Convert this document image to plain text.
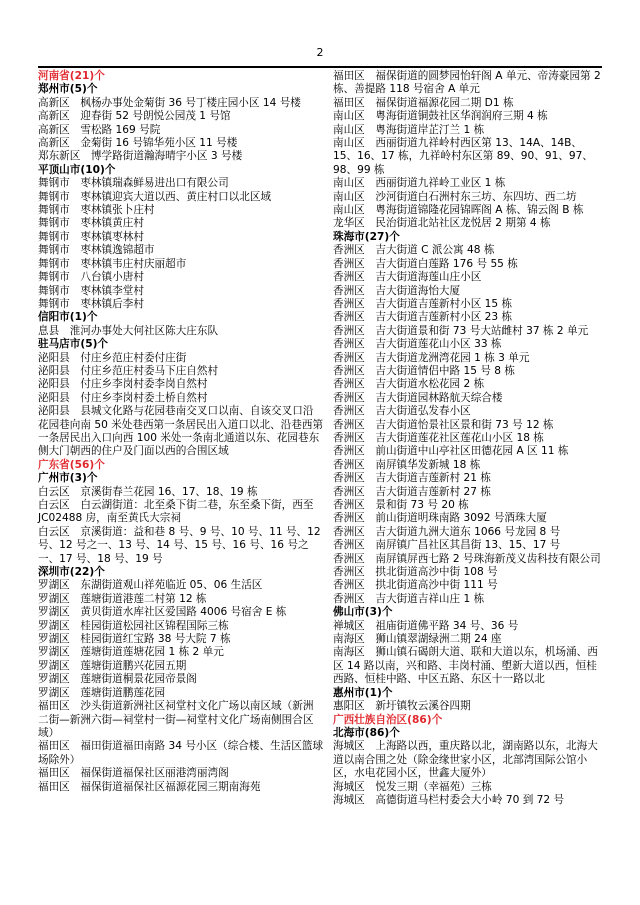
2
河南省(21)个
郑州市(5)个
高新区　枫杨办事处金菊街 36 号丁楼庄园小区 14 号楼
高新区　迎春街 52 号朗悦公园茂 1 号馆
高新区　雪松路 169 号院
高新区　金菊街 16 号锦华苑小区 11 号楼
郑东新区　博学路街道瀚海晴宇小区 3 号楼
平顶山市(10)个
舞钢市　枣林镇瑞森鲜易进出口有限公司
舞钢市　枣林镇迎宾大道以西、黄庄村口以北区域
舞钢市　枣林镇张卜庄村
舞钢市　枣林镇黄庄村
舞钢市　枣林镇枣林村
舞钢市　枣林镇逸锦超市
舞钢市　枣林镇韦庄村庆丽超市
舞钢市　八台镇小唐村
舞钢市　枣林镇李堂村
舞钢市　枣林镇后李村
信阳市(1)个
息县　淮河办事处大何社区陈大庄东队
驻马店市(5)个
泌阳县　付庄乡范庄村委付庄街
泌阳县　付庄乡范庄村委马下庄自然村
泌阳县　付庄乡李岗村委李岗自然村
泌阳县　付庄乡李岗村委土桥自然村
泌阳县　县城文化路与花园巷南交叉口以南、自该交叉口沿花园巷向南 50 米处巷西第一条居民出入道口以北、沿巷西第一条居民出入口向西 100 米处一条南北通道以东、花园巷东侧大门朝西的住户及门面以西的合围区域
广东省(56)个
广州市(3)个
白云区　京溪街春兰花园 16、17、18、19 栋
白云区　白云湖街道：北至桑下街二巷，东至桑下街，西至 JC02488 房，南至黄氏大宗祠
白云区　京溪街道：益和巷 8 号、9 号、10 号、11 号、12 号、12 号之一、13 号、14 号、15 号、16 号、16 号之一、17 号、18 号、19 号
深圳市(22)个
罗湖区　东湖街道观山祥苑临近 05、06 生活区
罗湖区　莲塘街道港莲二村第 12 栋
罗湖区　黄贝街道水库社区爱国路 4006 号宿舍 E 栋
罗湖区　桂园街道松园社区锦程国际三栋
罗湖区　桂园街道红宝路 38 号大院 7 栋
罗湖区　莲塘街道莲塘花园 1 栋 2 单元
罗湖区　莲塘街道鹏兴花园五期
罗湖区　莲塘街道桐景花园帝景阁
罗湖区　莲塘街道鹏莲花园
福田区　沙头街道新洲社区祠堂村文化广场以南区域（新洲二街—新洲六街—祠堂村一街—祠堂村文化广场南侧围合区域）
福田区　福田街道福田南路 34 号小区（综合楼、生活区篮球场除外）
福田区　福保街道福保社区丽港湾丽湾阁
福田区　福保街道福保社区福源花园三期南海苑
福田区　福保街道的圆梦园怡轩阁 A 单元、帝涛豪园第 2 栋、善提路 118 号宿舍 A 单元
福田区　福保街道福源花园二期 D1 栋
南山区　粤海街道铜鼓社区华润润府三期 4 栋
南山区　粤海街道岸芷汀兰 1 栋
南山区　西丽街道九祥岭村西区第 13、14A、14B、15、16、17 栋，九祥岭村东区第 89、90、91、97、98、99 栋
南山区　西丽街道九祥岭工业区 1 栋
南山区　沙河街道白石洲村东三坊、东四坊、西二坊
南山区　粤海街道锦隆花园锦晖阁 A 栋、锦云阁 B 栋
龙华区　民治街道北站社区龙悦居 2 期第 4 栋
珠海市(27)个
香洲区　吉大街道 C 派公寓 48 栋
香洲区　吉大街道白莲路 176 号 55 栋
香洲区　吉大街道海莲山庄小区
香洲区　吉大街道海怡大厦
香洲区　吉大街道吉莲新村小区 15 栋
香洲区　吉大街道吉莲新村小区 23 栋
香洲区　吉大街道景和街 73 号大站雌村 37 栋 2 单元
香洲区　吉大街道莲花山小区 33 栋
香洲区　吉大街道龙洲湾花园 1 栋 3 单元
香洲区　吉大街道情侣中路 15 号 8 栋
香洲区　吉大街道水松花园 2 栋
香洲区　吉大街道园林路航天综合楼
香洲区　吉大街道弘发春小区
香洲区　吉大街道怡景社区景和街 73 号 12 栋
香洲区　吉大街道莲花社区莲花山小区 18 栋
香洲区　前山街道中山亭社区田德花园 A 区 11 栋
香洲区　南屏镇华发新城 18 栋
香洲区　吉大街道吉莲新村 21 栋
香洲区　吉大街道吉莲新村 27 栋
香洲区　景和街 73 号 20 栋
香洲区　前山街道明珠南路 3092 号酒珠大厦
香洲区　吉大街道九洲大道东 1066 号龙园 8 号
香洲区　南屏镇广昌社区其昌街 13、15、17 号
香洲区　南屏镇屏西七路 2 号珠海新茂义齿科技有限公司
香洲区　拱北街道高沙中街 108 号
香洲区　拱北街道高沙中街 111 号
香洲区　吉大街道吉祥山庄 1 栋
佛山市(3)个
禅城区　祖庙街道佛平路 34 号、36 号
南海区　狮山镇翠湖绿洲二期 24 座
南海区　狮山镇石碣朗大道、联和大道以东，机场涌、西区 14 路以南，兴和路、丰岗村涌、塱新大道以西，恒桂西路、恒桂中路、中区五路、东区十一路以北
惠州市(1)个
惠阳区　新圩镇牧云溪谷四期
广西壮族自治区(86)个
北海市(86)个
海城区　上海路以西，重庆路以北，湖南路以东，北海大道以南合围之处（除金缘世家小区，北部湾国际公馆小区，水电花园小区，世鑫大厦外）
海城区　悦发三期（幸福苑）三栋
海城区　高德街道马栏村委会大小岭 70 到 72 号
